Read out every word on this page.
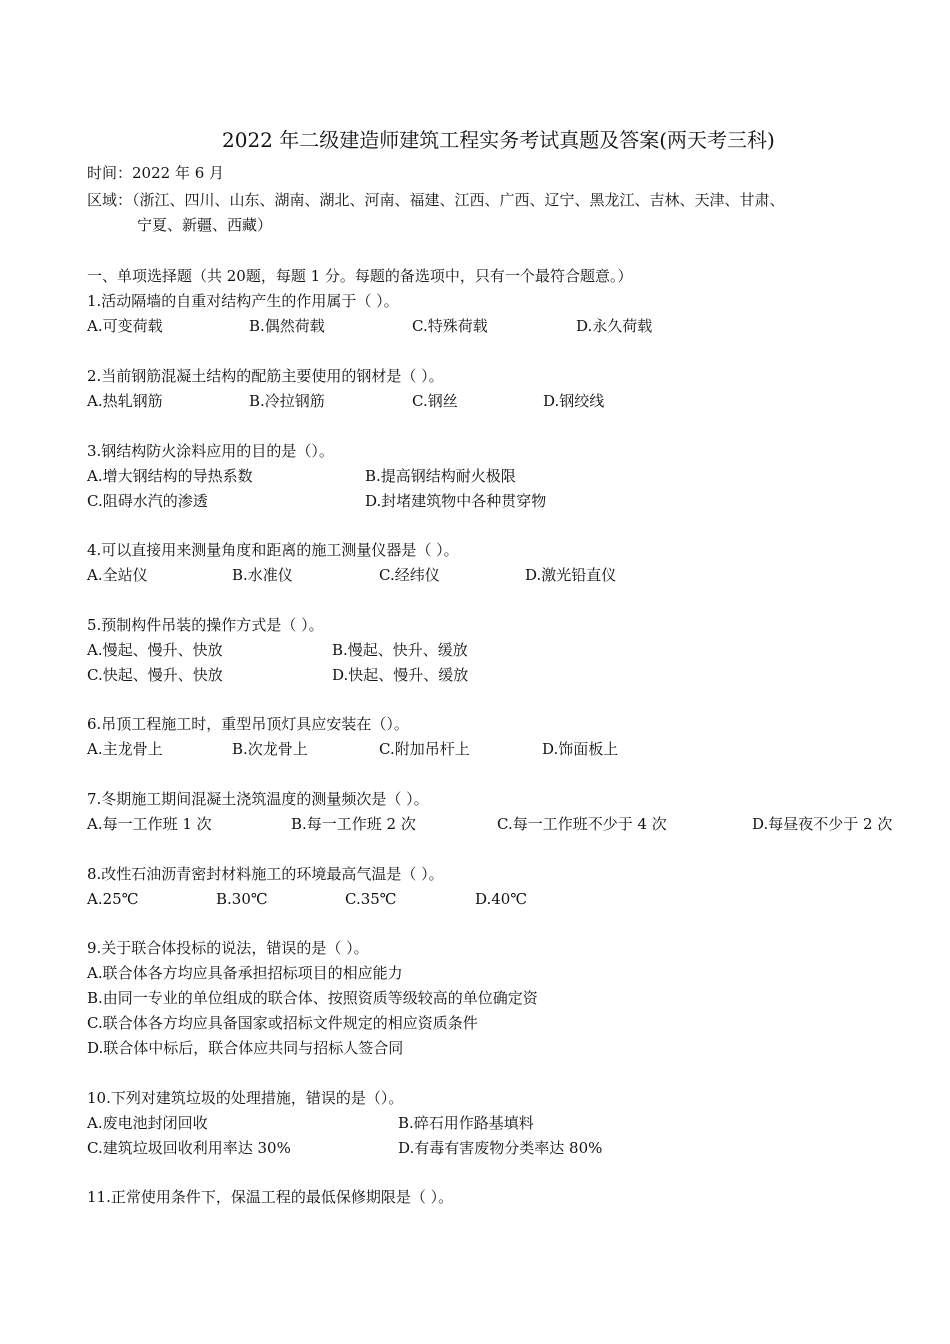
2022 年二级建造师建筑工程实务考试真题及答案(两天考三科)
时间：2022 年 6 月
区域：（浙江、四川、山东、湖南、湖北、河南、福建、江西、广西、辽宁、黑龙江、吉林、天津、甘肃、
宁夏、新疆、西藏）
一、单项选择题（共 20题，每题 1 分。每题的备选项中，只有一个最符合题意。）
1.活动隔墙的自重对结构产生的作用属于（ ）。
A.可变荷载	B.偶然荷载	C.特殊荷载	D.永久荷载
2.当前钢筋混凝土结构的配筋主要使用的钢材是（ ）。
A.热轧钢筋	B.冷拉钢筋	C.钢丝	D.钢绞线
3.钢结构防火涂料应用的目的是（）。
A.增大钢结构的导热系数	B.提高钢结构耐火极限
C.阻碍水汽的渗透	D.封堵建筑物中各种贯穿物
4.可以直接用来测量角度和距离的施工测量仪器是（ ）。
A.全站仪	B.水准仪	C.经纬仪	D.激光铅直仪
5.预制构件吊装的操作方式是（ ）。
A.慢起、慢升、快放	B.慢起、快升、缓放
C.快起、慢升、快放	D.快起、慢升、缓放
6.吊顶工程施工时，重型吊顶灯具应安装在（）。
A.主龙骨上	B.次龙骨上	C.附加吊杆上	D.饰面板上
7.冬期施工期间混凝土浇筑温度的测量频次是（ ）。
A.每一工作班 1 次	B.每一工作班 2 次	C.每一工作班不少于 4 次	D.每昼夜不少于 2 次
8.改性石油沥青密封材料施工的环境最高气温是（ ）。
A.25℃	B.30℃	C.35℃	D.40℃
9.关于联合体投标的说法，错误的是（ ）。
A.联合体各方均应具备承担招标项目的相应能力
B.由同一专业的单位组成的联合体、按照资质等级较高的单位确定资
C.联合体各方均应具备国家或招标文件规定的相应资质条件
D.联合体中标后，联合体应共同与招标人签合同
10.下列对建筑垃圾的处理措施，错误的是（）。
A.废电池封闭回收	B.碎石用作路基填料
C.建筑垃圾回收利用率达 30%	D.有毒有害废物分类率达 80%
11.正常使用条件下，保温工程的最低保修期限是（ ）。
